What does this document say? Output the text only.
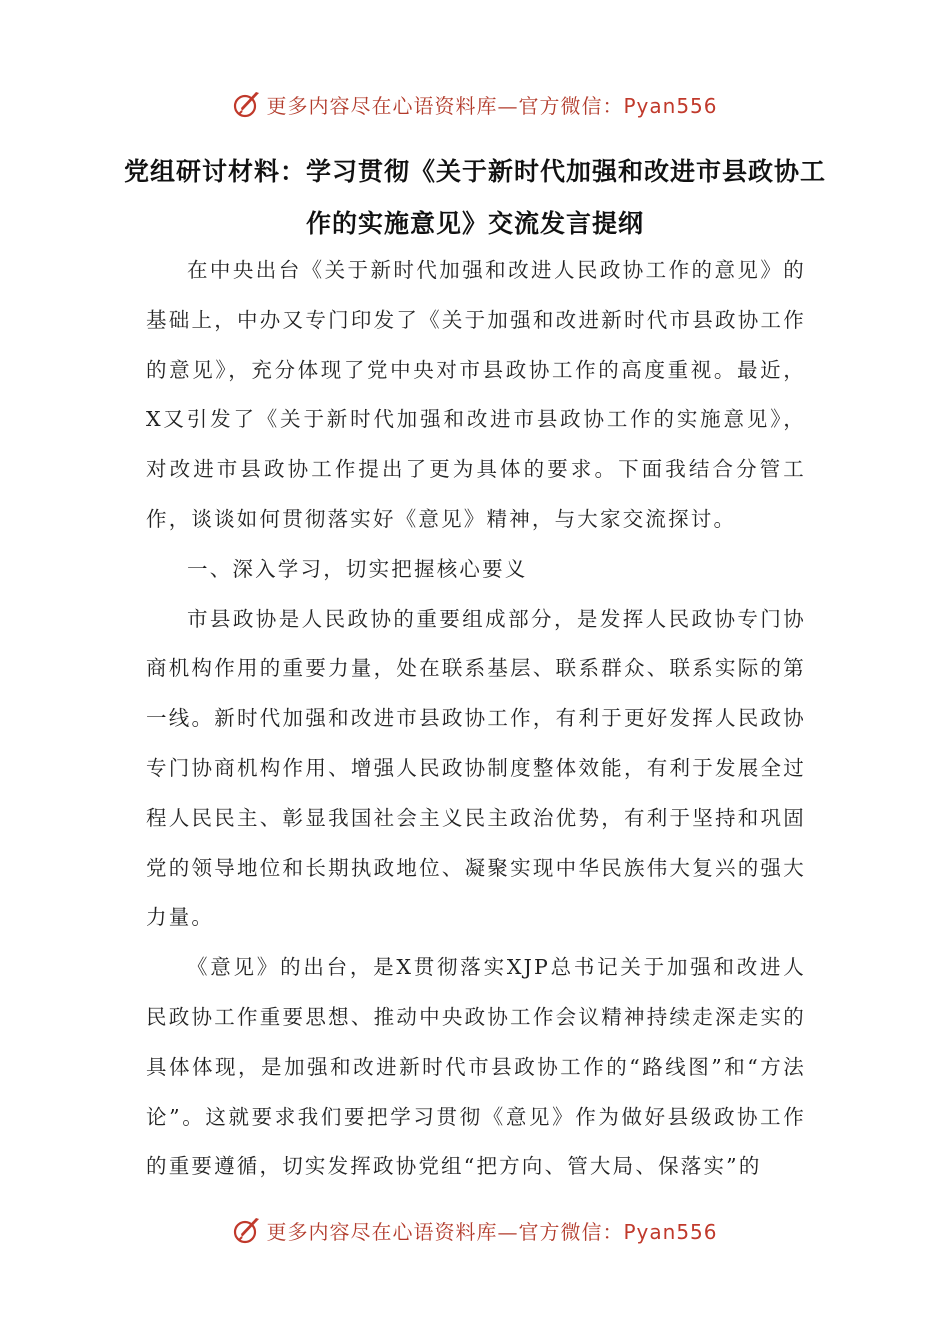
更多内容尽在心语资料库—官方微信：Pyan556
党组研讨材料：学习贯彻《关于新时代加强和改进市县政协工作的实施意见》交流发言提纲

在中央出台《关于新时代加强和改进人民政协工作的意见》的基础上，中办又专门印发了《关于加强和改进新时代市县政协工作的意见》，充分体现了党中央对市县政协工作的高度重视。最近，X又引发了《关于新时代加强和改进市县政协工作的实施意见》，对改进市县政协工作提出了更为具体的要求。下面我结合分管工作，谈谈如何贯彻落实好《意见》精神，与大家交流探讨。

一、深入学习，切实把握核心要义

市县政协是人民政协的重要组成部分，是发挥人民政协专门协商机构作用的重要力量，处在联系基层、联系群众、联系实际的第一线。新时代加强和改进市县政协工作，有利于更好发挥人民政协专门协商机构作用、增强人民政协制度整体效能，有利于发展全过程人民民主、彰显我国社会主义民主政治优势，有利于坚持和巩固党的领导地位和长期执政地位、凝聚实现中华民族伟大复兴的强大力量。

《意见》的出台，是X贯彻落实XJP总书记关于加强和改进人民政协工作重要思想、推动中央政协工作会议精神持续走深走实的具体体现，是加强和改进新时代市县政协工作的“路线图”和“方法论”。这就要求我们要把学习贯彻《意见》作为做好县级政协工作的重要遵循，切实发挥政协党组“把方向、管大局、保落实”的

更多内容尽在心语资料库—官方微信：Pyan556
